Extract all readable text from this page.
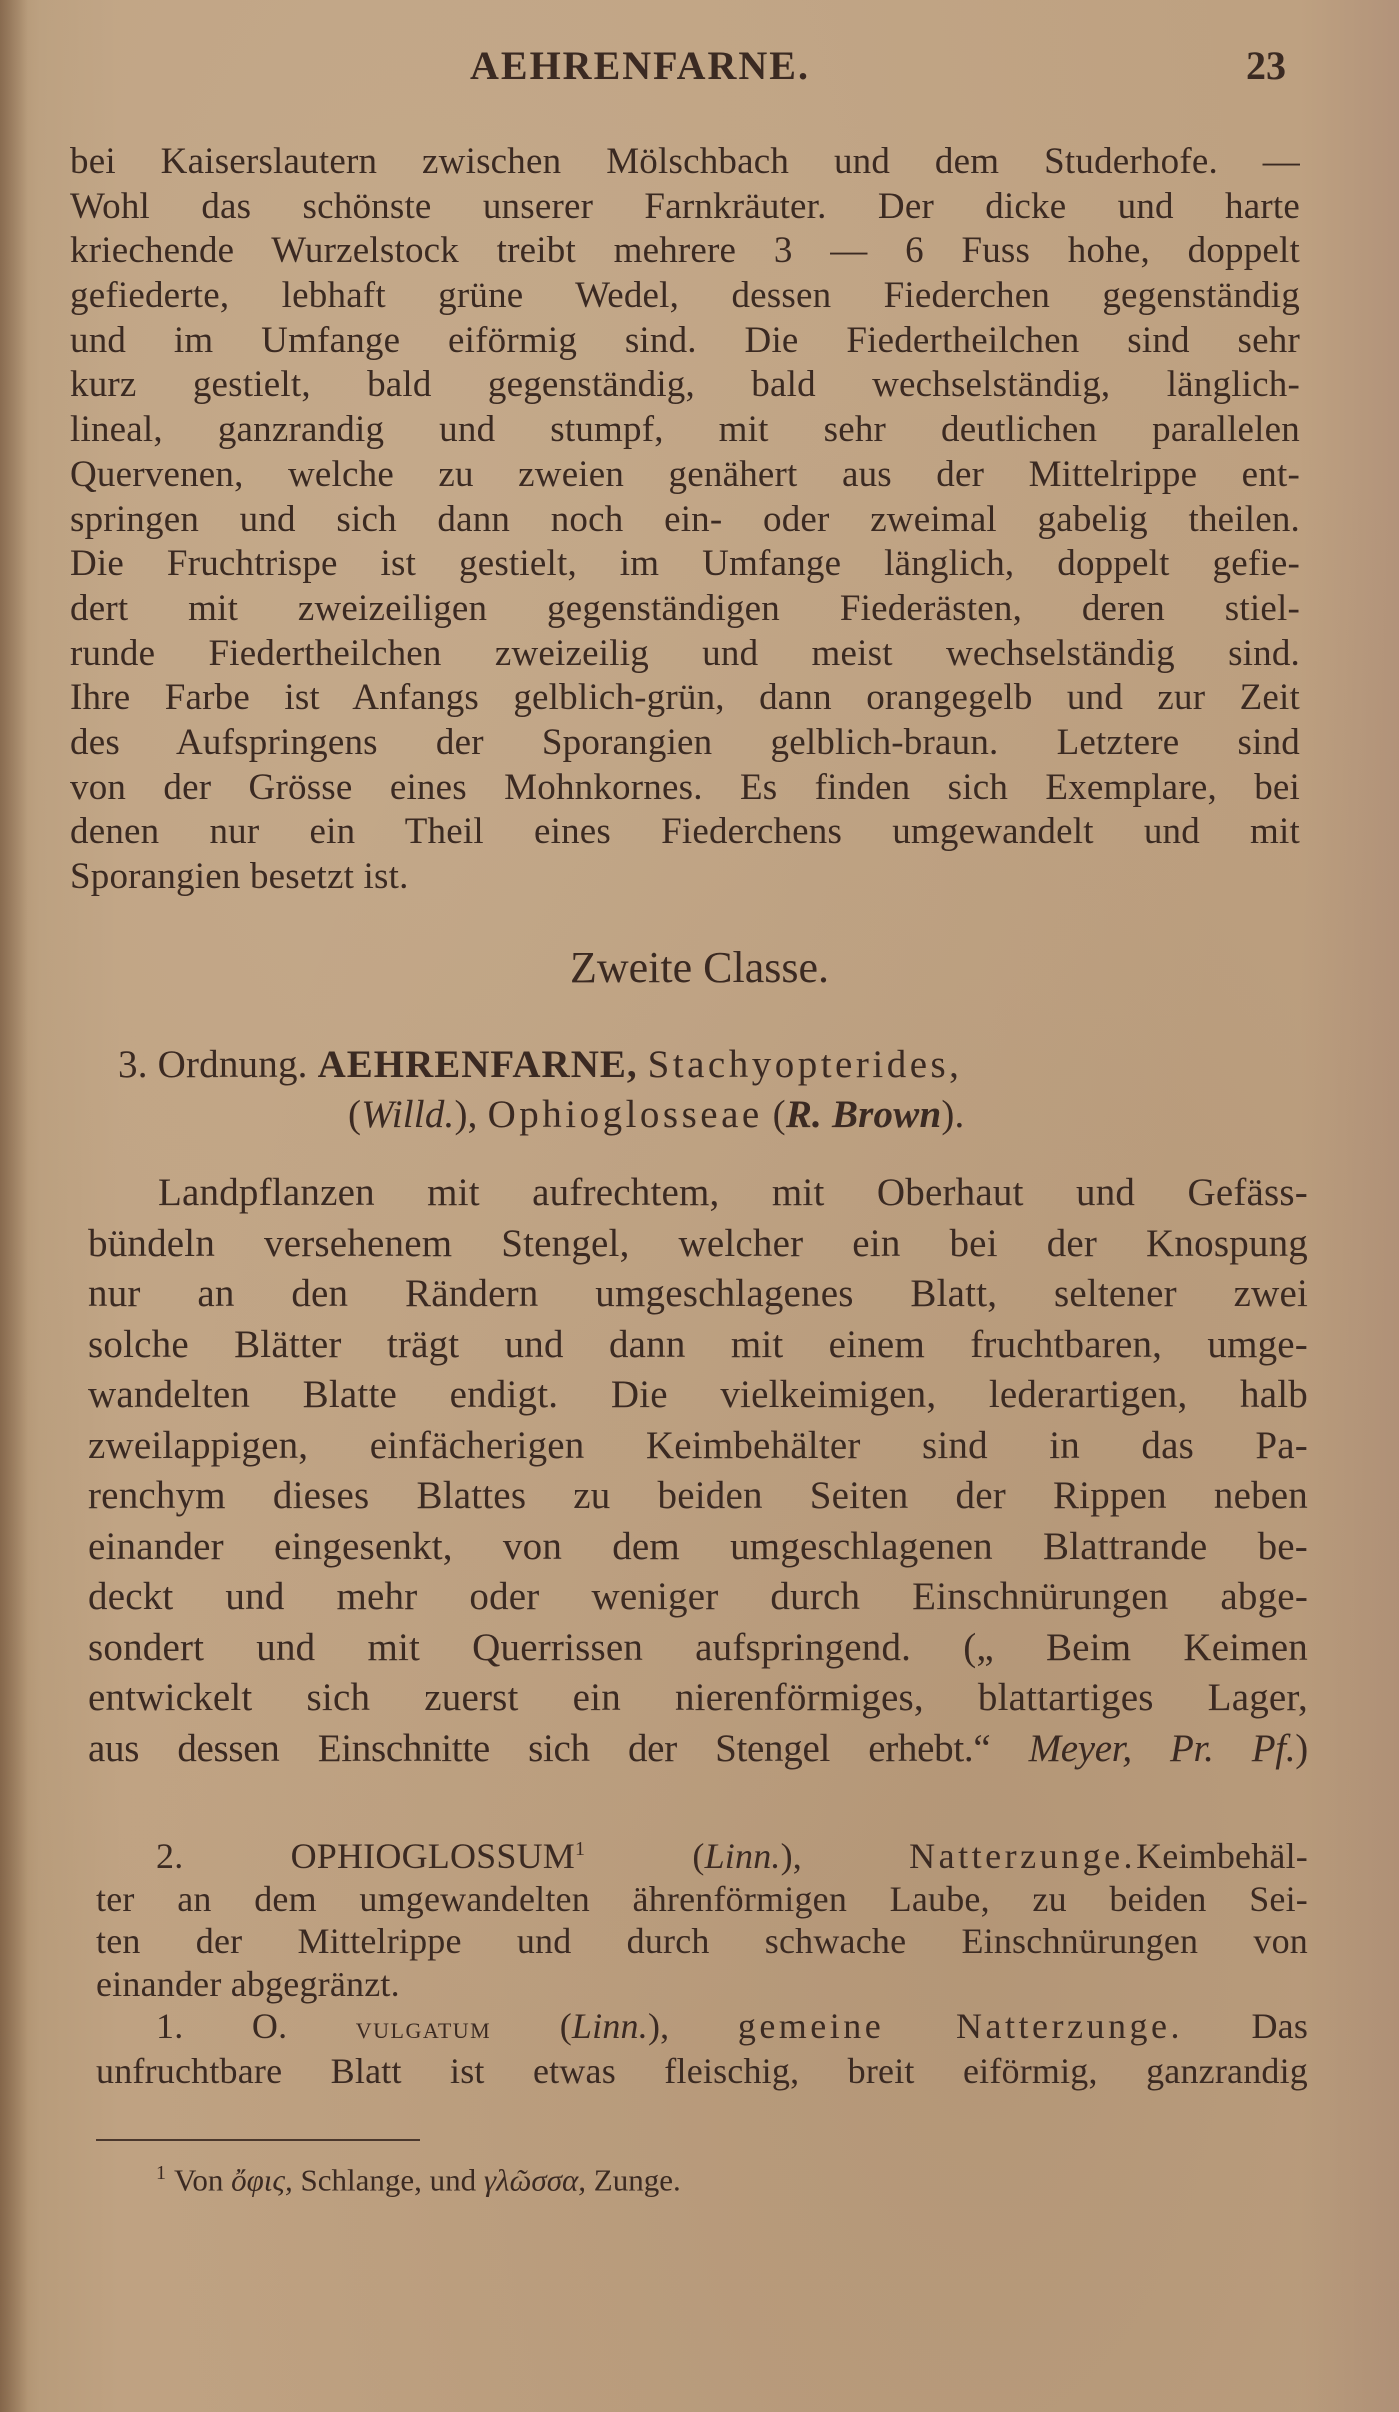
AEHRENFARNE.	23
bei Kaiserslautern zwischen Mölschbach und dem Studerhofe. —
Wohl das schönste unserer Farnkräuter. Der dicke und harte
kriechende Wurzelstock treibt mehrere 3 — 6 Fuss hohe, doppelt
gefiederte, lebhaft grüne Wedel, dessen Fiederchen gegenständig
und im Umfange eiförmig sind. Die Fiedertheilchen sind sehr
kurz gestielt, bald gegenständig, bald wechselständig, länglich-
lineal, ganzrandig und stumpf, mit sehr deutlichen parallelen
Quervenen, welche zu zweien genähert aus der Mittelrippe ent-
springen und sich dann noch ein- oder zweimal gabelig theilen.
Die Fruchtrispe ist gestielt, im Umfange länglich, doppelt gefie-
dert mit zweizeiligen gegenständigen Fiederästen, deren stiel-
runde Fiedertheilchen zweizeilig und meist wechselständig sind.
Ihre Farbe ist Anfangs gelblich-grün, dann orangegelb und zur Zeit
des Aufspringens der Sporangien gelblich-braun. Letztere sind
von der Grösse eines Mohnkornes. Es finden sich Exemplare, bei
denen nur ein Theil eines Fiederchens umgewandelt und mit
Sporangien besetzt ist.
Zweite Classe.
3. Ordnung. AEHRENFARNE, Stachyopterides,
(Willd.), Ophioglosseae (R. Brown).
Landpflanzen mit aufrechtem, mit Oberhaut und Gefäss-
bündeln versehenem Stengel, welcher ein bei der Knospung
nur an den Rändern umgeschlagenes Blatt, seltener zwei
solche Blätter trägt und dann mit einem fruchtbaren, umge-
wandelten Blatte endigt. Die vielkeimigen, lederartigen, halb
zweilappigen, einfächerigen Keimbehälter sind in das Pa-
renchym dieses Blattes zu beiden Seiten der Rippen neben
einander eingesenkt, von dem umgeschlagenen Blattrande be-
deckt und mehr oder weniger durch Einschnürungen abge-
sondert und mit Querrissen aufspringend. („ Beim Keimen
entwickelt sich zuerst ein nierenförmiges, blattartiges Lager,
aus dessen Einschnitte sich der Stengel erhebt.“ Meyer, Pr. Pf.)
2.	OPHIOGLOSSUM$^1$	(Linn.),	Natterzunge.Keimbehäl-
ter an dem umgewandelten ährenförmigen Laube, zu beiden Sei-
ten der Mittelrippe und durch schwache Einschnürungen von
einander abgegränzt.
1. O. vulgatum (Linn.), gemeine Natterzunge. Das
unfruchtbare Blatt ist etwas fleischig, breit eiförmig, ganzrandig
$^1$ Von ὄφις, Schlange, und γλῶσσα, Zunge.
